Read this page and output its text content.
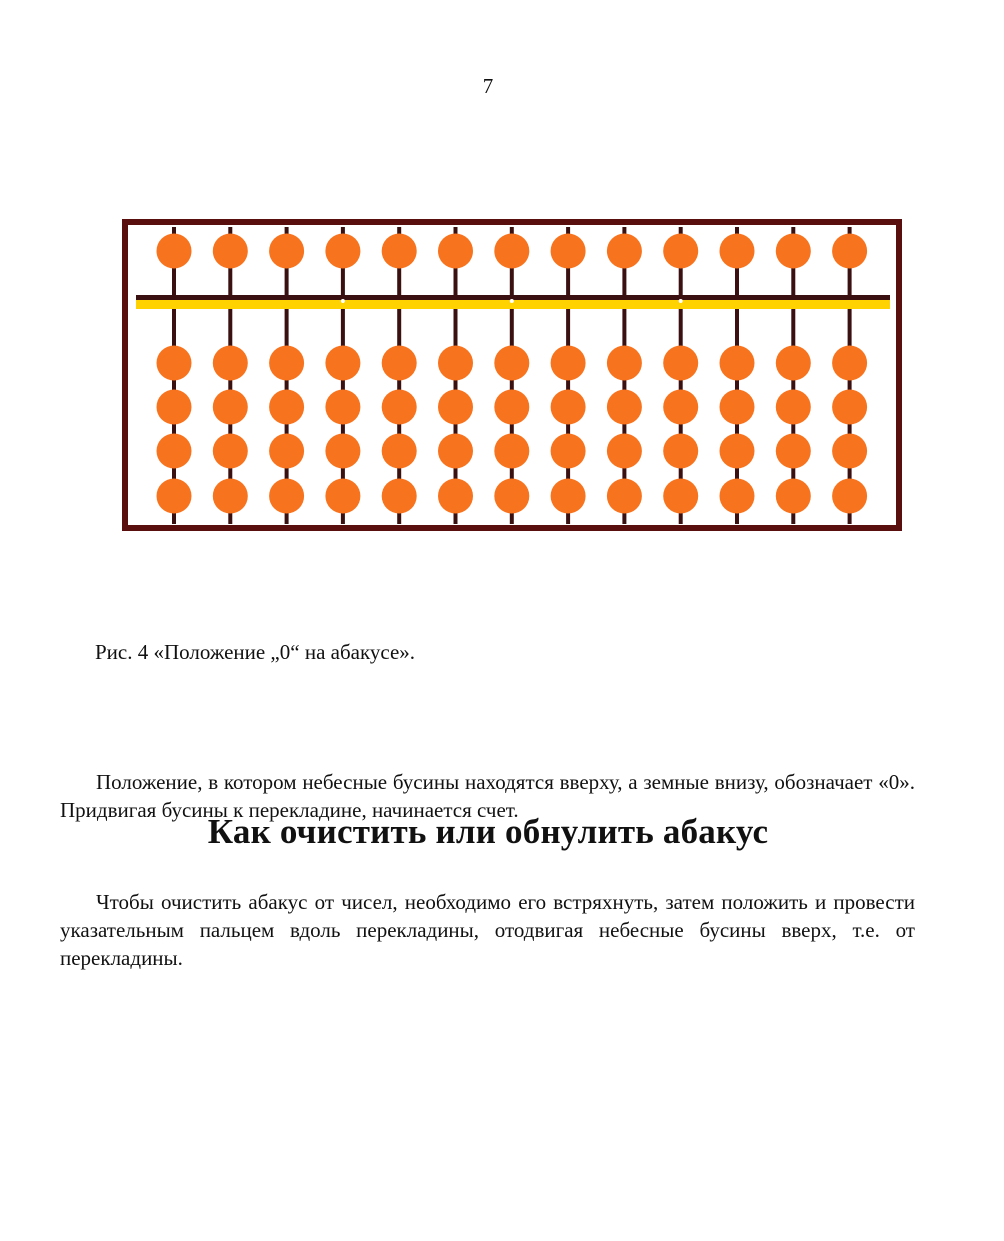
7
Рис. 4 «Положение „0“ на абакусе».

Положение, в котором небесные бусины находятся вверху, а земные внизу, обозначает «0». Придвигая бусины к перекладине, начинается счет.

Как очистить или обнулить абакус

Чтобы очистить абакус от чисел, необходимо его встряхнуть, затем положить и провести указательным пальцем вдоль перекладины, отодвигая небесные бусины вверх, т.е. от перекладины.
